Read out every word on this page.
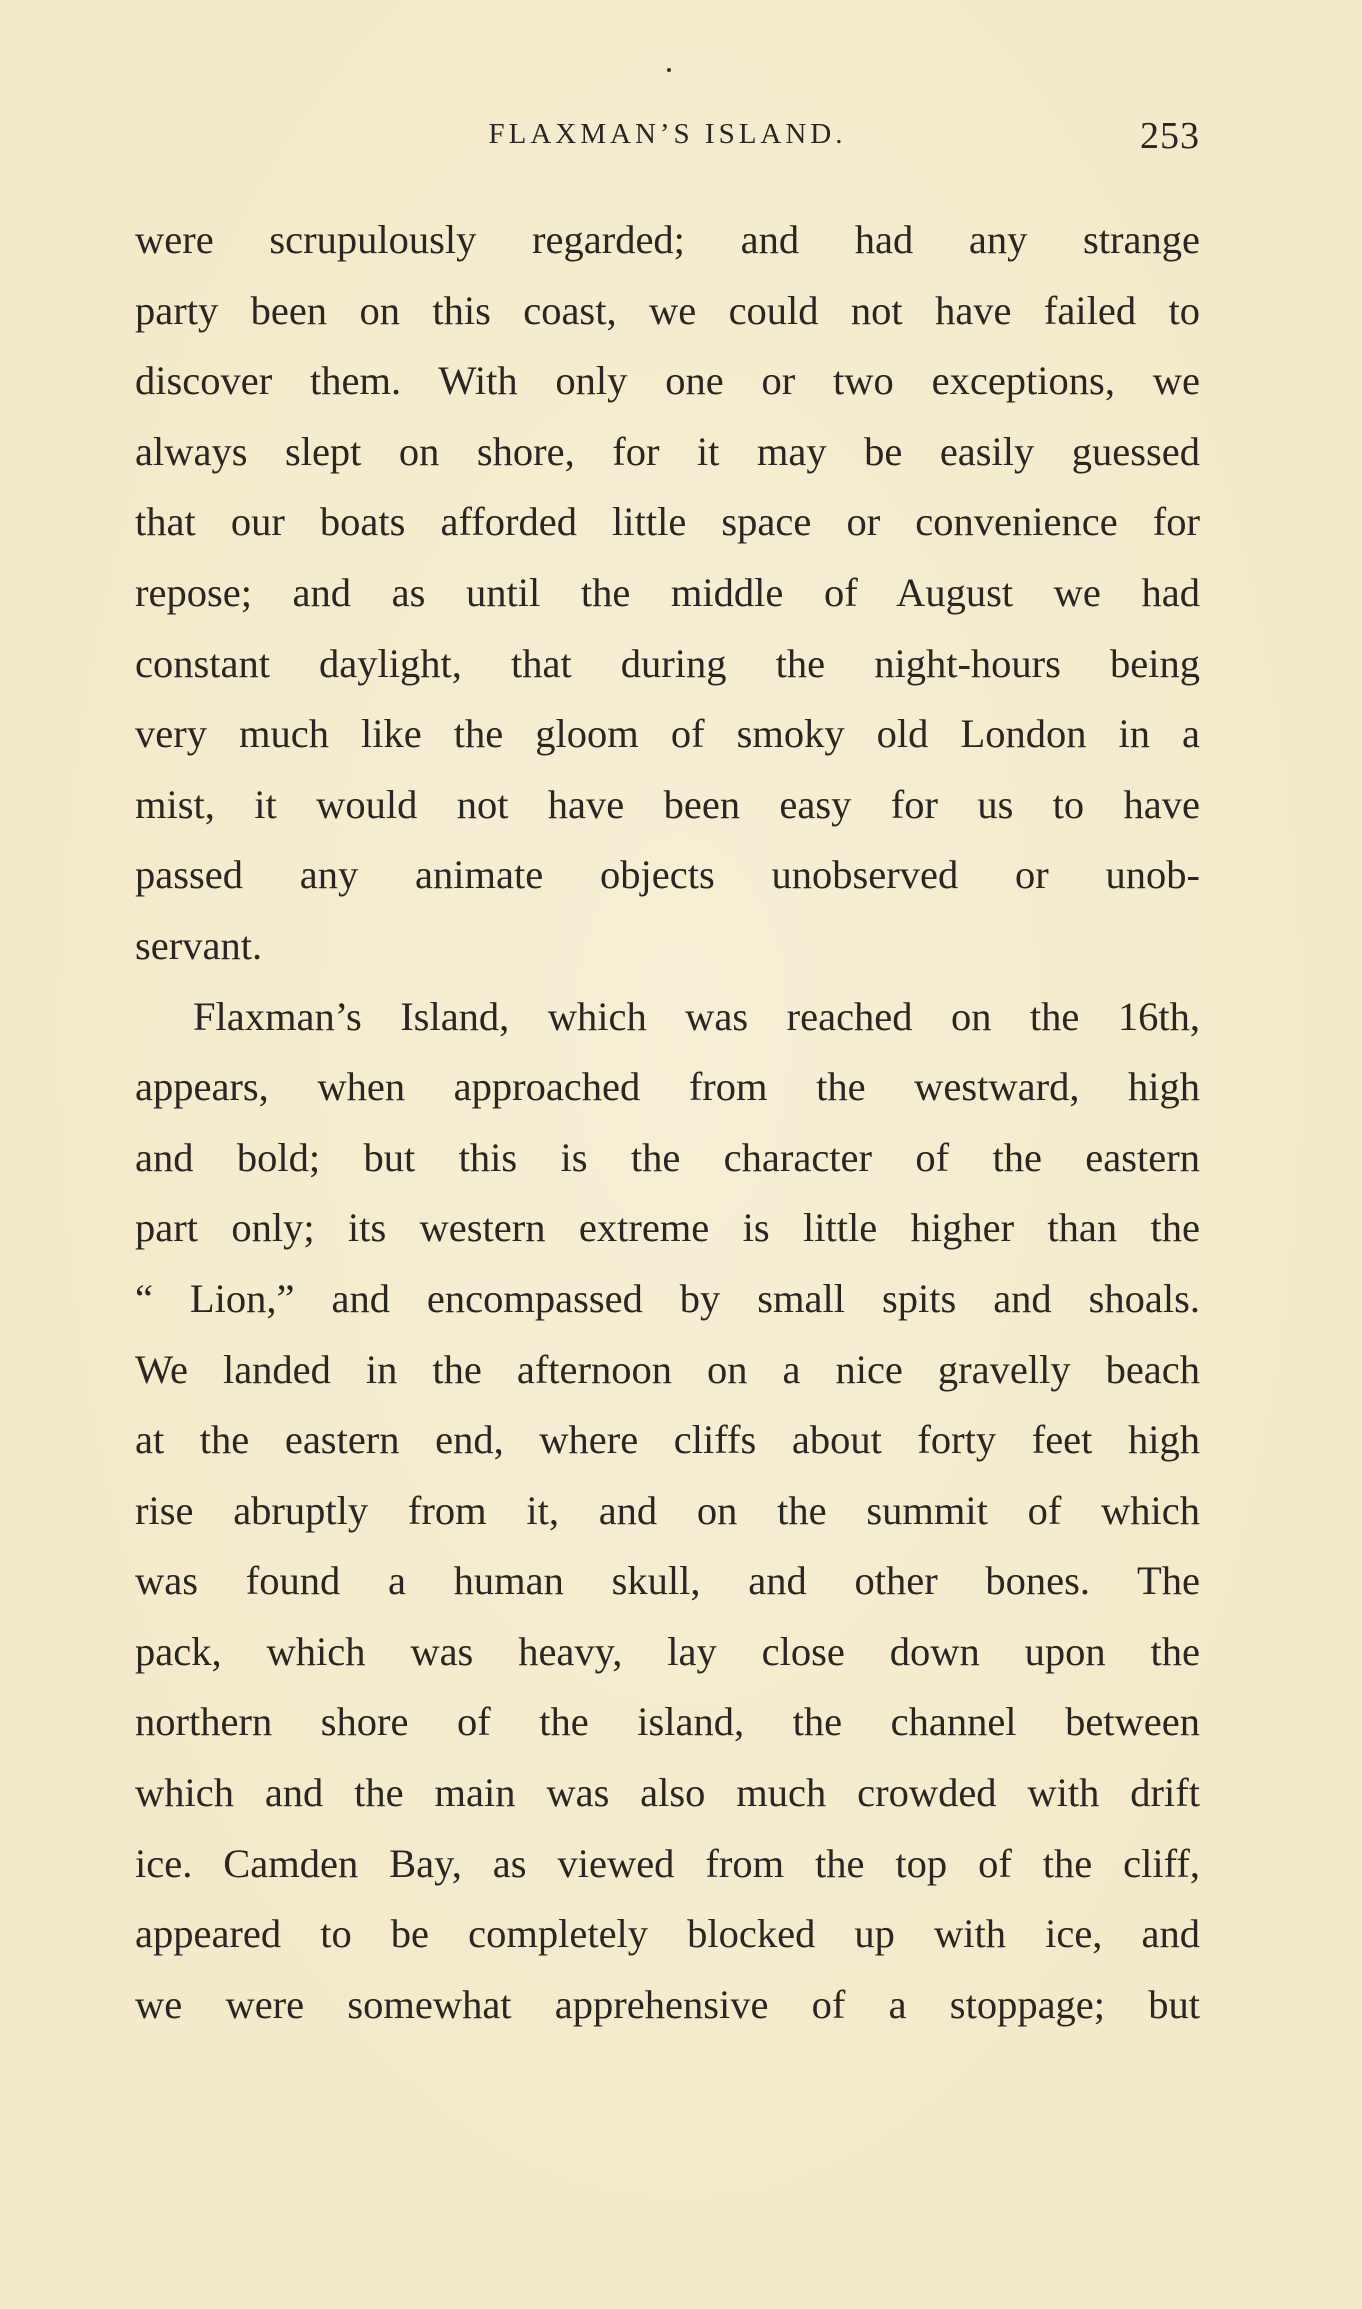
FLAXMAN’S ISLAND.	253
were scrupulously regarded; and had any strange
party been on this coast, we could not have failed to
discover them. With only one or two exceptions, we
always slept on shore, for it may be easily guessed
that our boats afforded little space or convenience for
repose; and as until the middle of August we had
constant daylight, that during the night-hours being
very much like the gloom of smoky old London in a
mist, it would not have been easy for us to have
passed any animate objects unobserved or unob-
servant.
Flaxman’s Island, which was reached on the 16th,
appears, when approached from the westward, high
and bold; but this is the character of the eastern
part only; its western extreme is little higher than the
“ Lion,” and encompassed by small spits and shoals.
We landed in the afternoon on a nice gravelly beach
at the eastern end, where cliffs about forty feet high
rise abruptly from it, and on the summit of which
was found a human skull, and other bones. The
pack, which was heavy, lay close down upon the
northern shore of the island, the channel between
which and the main was also much crowded with drift
ice. Camden Bay, as viewed from the top of the cliff,
appeared to be completely blocked up with ice, and
we were somewhat apprehensive of a stoppage; but
